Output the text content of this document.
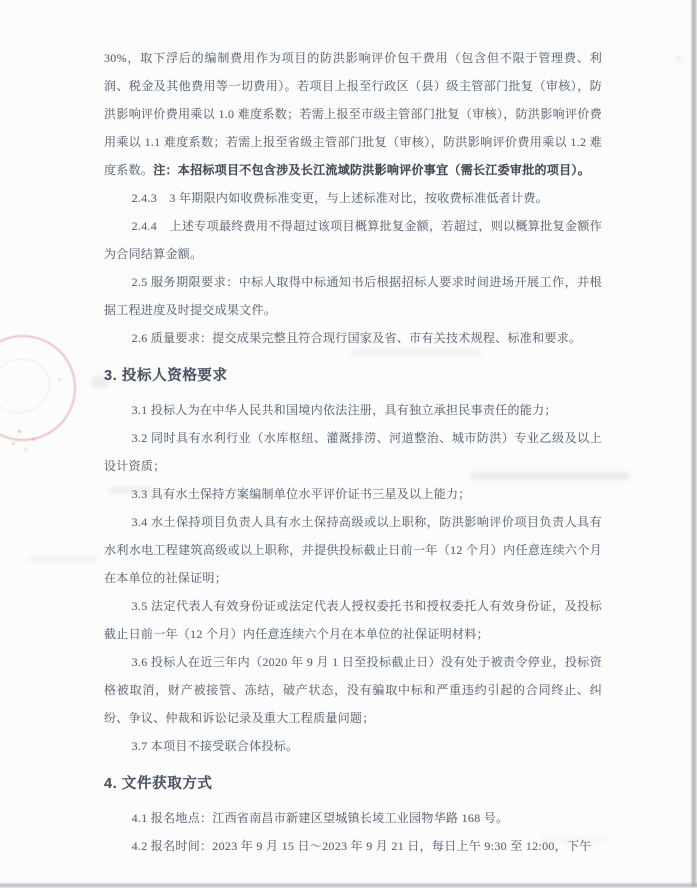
30%，取下浮后的编制费用作为项目的防洪影响评价包干费用（包含但不限于管理费、利润、税金及其他费用等一切费用）。若项目上报至行政区（县）级主管部门批复（审核），防洪影响评价费用乘以 1.0 难度系数；若需上报至市级主管部门批复（审核），防洪影响评价费用乘以 1.1 难度系数；若需上报至省级主管部门批复（审核），防洪影响评价费用乘以 1.2 难度系数。注：本招标项目不包含涉及长江流域防洪影响评价事宜（需长江委审批的项目）。

2.4.3　3 年期限内如收费标准变更，与上述标准对比，按收费标准低者计费。

2.4.4　上述专项最终费用不得超过该项目概算批复金额，若超过，则以概算批复金额作为合同结算金额。

2.5 服务期限要求：中标人取得中标通知书后根据招标人要求时间进场开展工作，并根据工程进度及时提交成果文件。

2.6 质量要求：提交成果完整且符合现行国家及省、市有关技术规程、标准和要求。

3. 投标人资格要求

3.1 投标人为在中华人民共和国境内依法注册，具有独立承担民事责任的能力；

3.2 同时具有水利行业（水库枢纽、灌溉排涝、河道整治、城市防洪）专业乙级及以上设计资质；

3.3 具有水土保持方案编制单位水平评价证书三星及以上能力；

3.4 水土保持项目负责人具有水土保持高级或以上职称，防洪影响评价项目负责人具有水利水电工程建筑高级或以上职称，并提供投标截止日前一年（12 个月）内任意连续六个月在本单位的社保证明；

3.5 法定代表人有效身份证或法定代表人授权委托书和授权委托人有效身份证，及投标截止日前一年（12 个月）内任意连续六个月在本单位的社保证明材料；

3.6 投标人在近三年内（2020 年 9 月 1 日至投标截止日）没有处于被责令停业，投标资格被取消，财产被接管、冻结，破产状态，没有骗取中标和严重违约引起的合同终止、纠纷、争议、仲裁和诉讼记录及重大工程质量问题；

3.7 本项目不接受联合体投标。

4. 文件获取方式

4.1 报名地点：江西省南昌市新建区望城镇长堎工业园物华路 168 号。

4.2 报名时间：2023 年 9 月 15 日～2023 年 9 月 21 日，每日上午 9:30 至 12:00，下午
